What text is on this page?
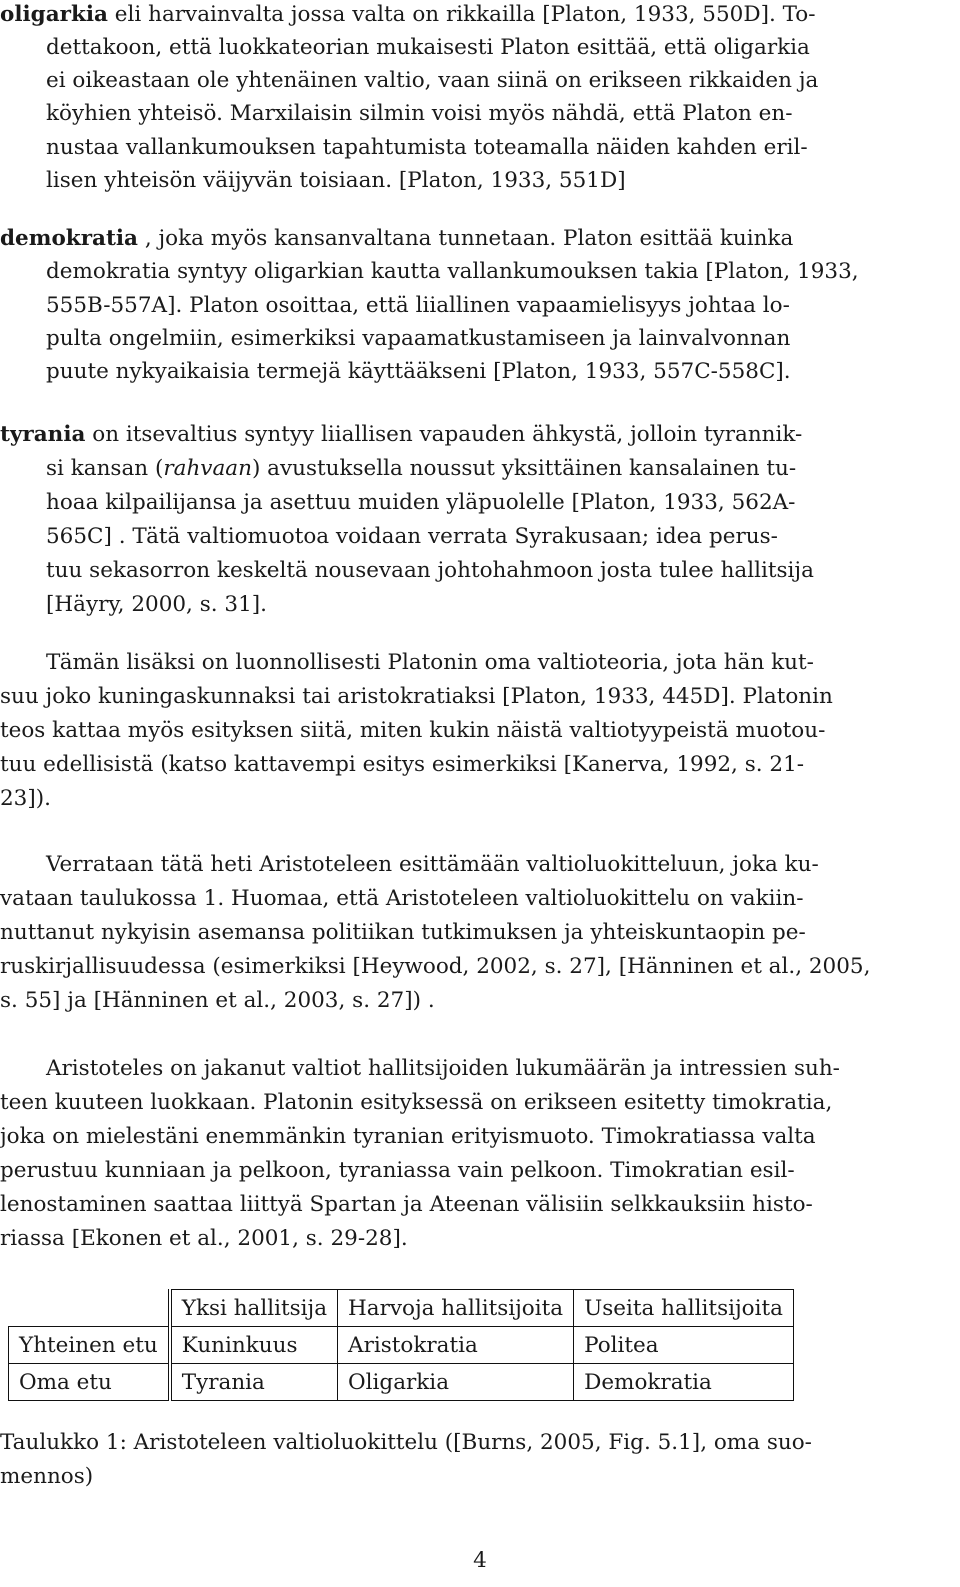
oligarkia eli harvainvalta jossa valta on rikkailla [Platon, 1933, 550D]. To-
dettakoon, että luokkateorian mukaisesti Platon esittää, että oligarkia
ei oikeastaan ole yhtenäinen valtio, vaan siinä on erikseen rikkaiden ja
köyhien yhteisö. Marxilaisin silmin voisi myös nähdä, että Platon en-
nustaa vallankumouksen tapahtumista toteamalla näiden kahden eril-
lisen yhteisön väijyvän toisiaan. [Platon, 1933, 551D]
demokratia , joka myös kansanvaltana tunnetaan. Platon esittää kuinka
demokratia syntyy oligarkian kautta vallankumouksen takia [Platon, 1933,
555B-557A]. Platon osoittaa, että liiallinen vapaamielisyys johtaa lo-
pulta ongelmiin, esimerkiksi vapaamatkustamiseen ja lainvalvonnan
puute nykyaikaisia termejä käyttääkseni [Platon, 1933, 557C-558C].
tyrania on itsevaltius syntyy liiallisen vapauden ähkystä, jolloin tyrannik-
si kansan (rahvaan) avustuksella noussut yksittäinen kansalainen tu-
hoaa kilpailijansa ja asettuu muiden yläpuolelle [Platon, 1933, 562A-
565C] . Tätä valtiomuotoa voidaan verrata Syrakusaan; idea perus-
tuu sekasorron keskeltä nousevaan johtohahmoon josta tulee hallitsija
[Häyry, 2000, s. 31].
Tämän lisäksi on luonnollisesti Platonin oma valtioteoria, jota hän kut-
suu joko kuningaskunnaksi tai aristokratiaksi [Platon, 1933, 445D]. Platonin
teos kattaa myös esityksen siitä, miten kukin näistä valtiotyypeistä muotou-
tuu edellisistä (katso kattavempi esitys esimerkiksi [Kanerva, 1992, s. 21-
23]).
Verrataan tätä heti Aristoteleen esittämään valtioluokitteluun, joka ku-
vataan taulukossa 1. Huomaa, että Aristoteleen valtioluokittelu on vakiin-
nuttanut nykyisin asemansa politiikan tutkimuksen ja yhteiskuntaopin pe-
ruskirjallisuudessa (esimerkiksi [Heywood, 2002, s. 27], [Hänninen et al., 2005,
s. 55] ja [Hänninen et al., 2003, s. 27]) .
Aristoteles on jakanut valtiot hallitsijoiden lukumäärän ja intressien suh-
teen kuuteen luokkaan. Platonin esityksessä on erikseen esitetty timokratia,
joka on mielestäni enemmänkin tyranian erityismuoto. Timokratiassa valta
perustuu kunniaan ja pelkoon, tyraniassa vain pelkoon. Timokratian esil-
lenostaminen saattaa liittyä Spartan ja Ateenan välisiin selkkauksiin histo-
riassa [Ekonen et al., 2001, s. 29-28].
	Yksi hallitsija	Harvoja hallitsijoita	Useita hallitsijoita
Yhteinen etu	Kuninkuus	Aristokratia	Politea
Oma etu	Tyrania	Oligarkia	Demokratia
Taulukko 1: Aristoteleen valtioluokittelu ([Burns, 2005, Fig. 5.1], oma suo-
mennos)
4
